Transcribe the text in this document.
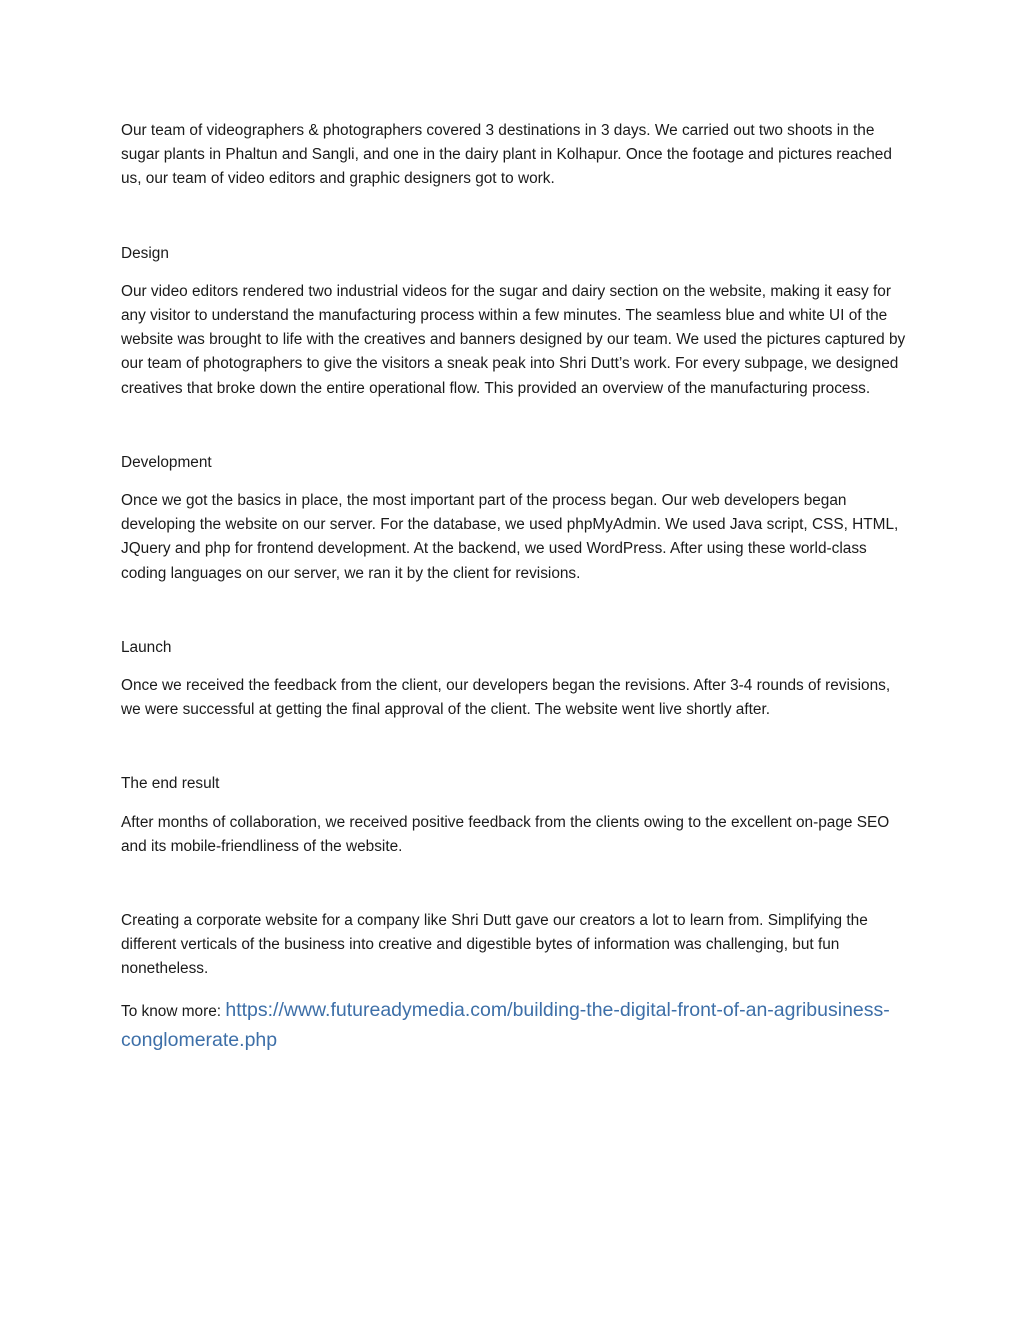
Our team of videographers & photographers covered 3 destinations in 3 days. We carried out two shoots in the sugar plants in Phaltun and Sangli, and one in the dairy plant in Kolhapur. Once the footage and pictures reached us, our team of video editors and graphic designers got to work.

Design

Our video editors rendered two industrial videos for the sugar and dairy section on the website, making it easy for any visitor to understand the manufacturing process within a few minutes. The seamless blue and white UI of the website was brought to life with the creatives and banners designed by our team. We used the pictures captured by our team of photographers to give the visitors a sneak peak into Shri Dutt’s work. For every subpage, we designed creatives that broke down the entire operational flow. This provided an overview of the manufacturing process.

Development

Once we got the basics in place, the most important part of the process began. Our web developers began developing the website on our server. For the database, we used phpMyAdmin. We used Java script, CSS, HTML, JQuery and php for frontend development. At the backend, we used WordPress. After using these world-class coding languages on our server, we ran it by the client for revisions.

Launch

Once we received the feedback from the client, our developers began the revisions. After 3-4 rounds of revisions, we were successful at getting the final approval of the client. The website went live shortly after.

The end result

After months of collaboration, we received positive feedback from the clients owing to the excellent on-page SEO and its mobile-friendliness of the website.

Creating a corporate website for a company like Shri Dutt gave our creators a lot to learn from. Simplifying the different verticals of the business into creative and digestible bytes of information was challenging, but fun nonetheless.

To know more: https://www.futureadymedia.com/building-the-digital-front-of-an-agribusiness-conglomerate.php
